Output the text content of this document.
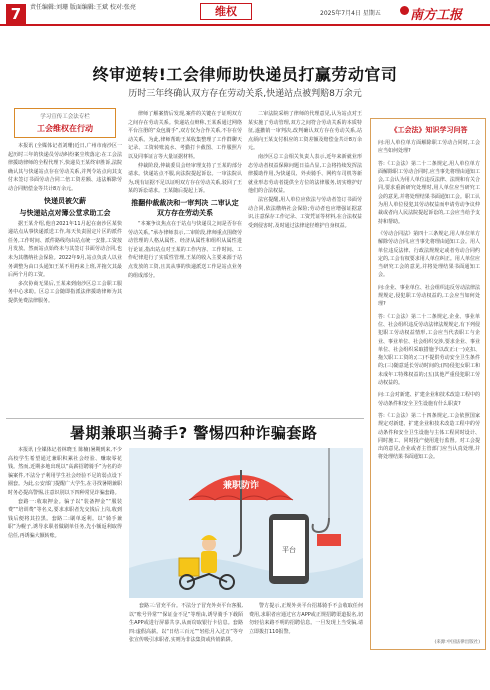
7	责任编辑:刘珊 版面编辑:王斌 校对:张亮	维权	2025年7月4日 星期五 南方工报
终审逆转!工会律师助快递员打赢劳动官司
历时三年终确认双方存在劳动关系,快递站点被判赔8万余元
学习宣传工会法专栏
工会维权在行动

本报讯 (全媒体记者刘珊)近日,广州市南沙区一起历时三年的快递员劳动纠纷案尘埃落定:在工会法律援助律师的全程代理下,快递员王某终审胜诉,法院确认其与快递站点存在劳动关系,并判令站点向其支付未签订书面劳动合同二倍工资差额、违法解除劳动合同赔偿金等共计8万余元。

快递员被欠薪

与快递站点对簿公堂求助工会

据王某介绍,他自2021年11月起在南沙区某快递站点从事快递派送工作,每天负责固定片区的派件任务,工作时间、派件路线均由站点统一安排,工资按月发放。然而站点始终未与其签订书面劳动合同,也未为其缴纳社会保险。2022年9月,站点负责人以业务调整为由口头通知王某不用再来上班,并拖欠其最后两个月的工资。

多次协商无果后,王某来到南沙区总工会职工服务中心求助。区总工会随即指派法律援助律师为其提供免费法律服务。

律师了解案情后发现,案件的关键在于证明双方之间存在劳动关系。快递站点辩称,王某系通过网络平台注册的“众包骑手”,双方仅为合作关系,不存在劳动关系。为此,律师帮助王某收集整理了工作群聊天记录、工资转账流水、考勤打卡截图、工作服照片以及同事证言等大量证据材料。

仲裁阶段,仲裁委员会经审理支持了王某的部分请求。快递站点不服,向法院提起诉讼。一审法院认为,现有证据不足以证明双方存在劳动关系,驳回了王某的诉讼请求。王某随后提起上诉。

推翻仲裁裁决和一审判决 二审认定双方存在劳动关系

“本案争议焦点在于站点与快递员之间是否存在劳动关系。”承办律师表示,二审阶段,律师重点围绕劳动管理的人格从属性、经济从属性和组织从属性进行论证,指出站点对王某的工作内容、工作时间、工作纪律进行了实质性管理,王某的收入主要来源于站点发放的工资,且其从事的快递派送工作是站点业务的组成部分。

二审法院采纳了律师的代理意见,认为站点对王某实施了劳动管理,双方之间符合劳动关系的本质特征,遂撤销一审判决,改判确认双方存在劳动关系,站点须向王某支付相应的工资差额及赔偿金共计8万余元。

南沙区总工会相关负责人表示,近年来新就业形态劳动者权益保障问题日益凸显,工会将持续发挥法律援助作用,为快递员、外卖骑手、网约车司机等新就业形态劳动者提供全方位的法律服务,切实维护好他们的合法权益。

法官提醒,用人单位应依法与劳动者签订书面劳动合同,依法缴纳社会保险;劳动者也应增强证据意识,注意保存工作记录、工资凭证等材料,在合法权益受到侵害时,及时通过法律途径维护自身权益。

《工会法》知识学习问答

问:用人单位单方面解除职工劳动合同时,工会应当如何处理?

答:《工会法》第二十二条规定,用人单位单方面解除职工劳动合同时,应当事先将理由通知工会,工会认为用人单位违反法律、法规和有关合同,要求重新研究处理时,用人单位应当研究工会的意见,并将处理结果书面通知工会。职工认为用人单位侵犯其劳动权益而申请劳动争议仲裁或者向人民法院提起诉讼的,工会应当给予支持和帮助。

《劳动合同法》第四十三条规定,用人单位单方解除劳动合同,应当事先将理由通知工会。用人单位违反法律、行政法规规定或者劳动合同约定的,工会有权要求用人单位纠正。用人单位应当研究工会的意见,并将处理结果书面通知工会。

问:企业、事业单位、社会组织违反劳动法律法规规定,侵犯职工劳动权益的,工会应当如何处理?

答:《工会法》第二十二条规定,企业、事业单位、社会组织违反劳动法律法规规定,有下列侵犯职工劳动权益情形,工会应当代表职工与企业、事业单位、社会组织交涉,要求企业、事业单位、社会组织采取措施予以改正:(一)克扣、拖欠职工工资的;(二)不提供劳动安全卫生条件的;(三)随意延长劳动时间的;(四)侵犯女职工和未成年工特殊权益的;(五)其他严重侵犯职工劳动权益的。

问:工会对新建、扩建企业和技术改造工程中的劳动条件和安全卫生设施有什么职责?

答:《工会法》第二十四条规定,工会依照国家规定对新建、扩建企业和技术改造工程中的劳动条件和安全卫生设施与主体工程同时设计、同时施工、同时投产使用进行监督。对工会提出的意见,企业或者主管部门应当认真处理,并将处理结果书面通知工会。

(来源:中国法律出版社)
暑期兼职当骑手? 警惕四种诈骗套路

本报讯 (全媒体记者林晓玉 陈楠)暑期到来,不少高校学生希望通过兼职积累社会经验、赚取零花钱。然而,近期多地出现以“高薪招聘骑手”为名的诈骗案件,不法分子利用学生社会经验不足的弱点设下圈套。为此,公安部门提醒广大学生,在寻找暑期兼职时务必提高警惕,注意识别以下四种常见诈骗套路。

套路一:收取押金。骗子以“装备押金”“服装费”“培训费”等名义,要求求职者先交钱后上岗,收到钱后便将其拉黑。套路二:刷单返利。以“骑手兼职”为幌子,诱导求职者做刷单任务,先小额返利取得信任,再诱骗大额转账。

兼职防诈
平台

套路三:冒充平台。不法分子冒充外卖平台客服,以“账号异常”“保证金不足”等理由,诱导骑手下载陌生APP或进行屏幕共享,从而窃取银行卡信息。套路四:虚假高薪。以“日结三百元”“轻松月入过万”等夸张宣传吸引求职者,实则为非法集资或传销陷阱。

警方提示,正规外卖平台招募骑手不会收取任何费用,求职者应通过官方APP或正规招聘渠道报名,切勿轻信来路不明的招聘信息。一旦发现上当受骗,请立即拨打110报警。
